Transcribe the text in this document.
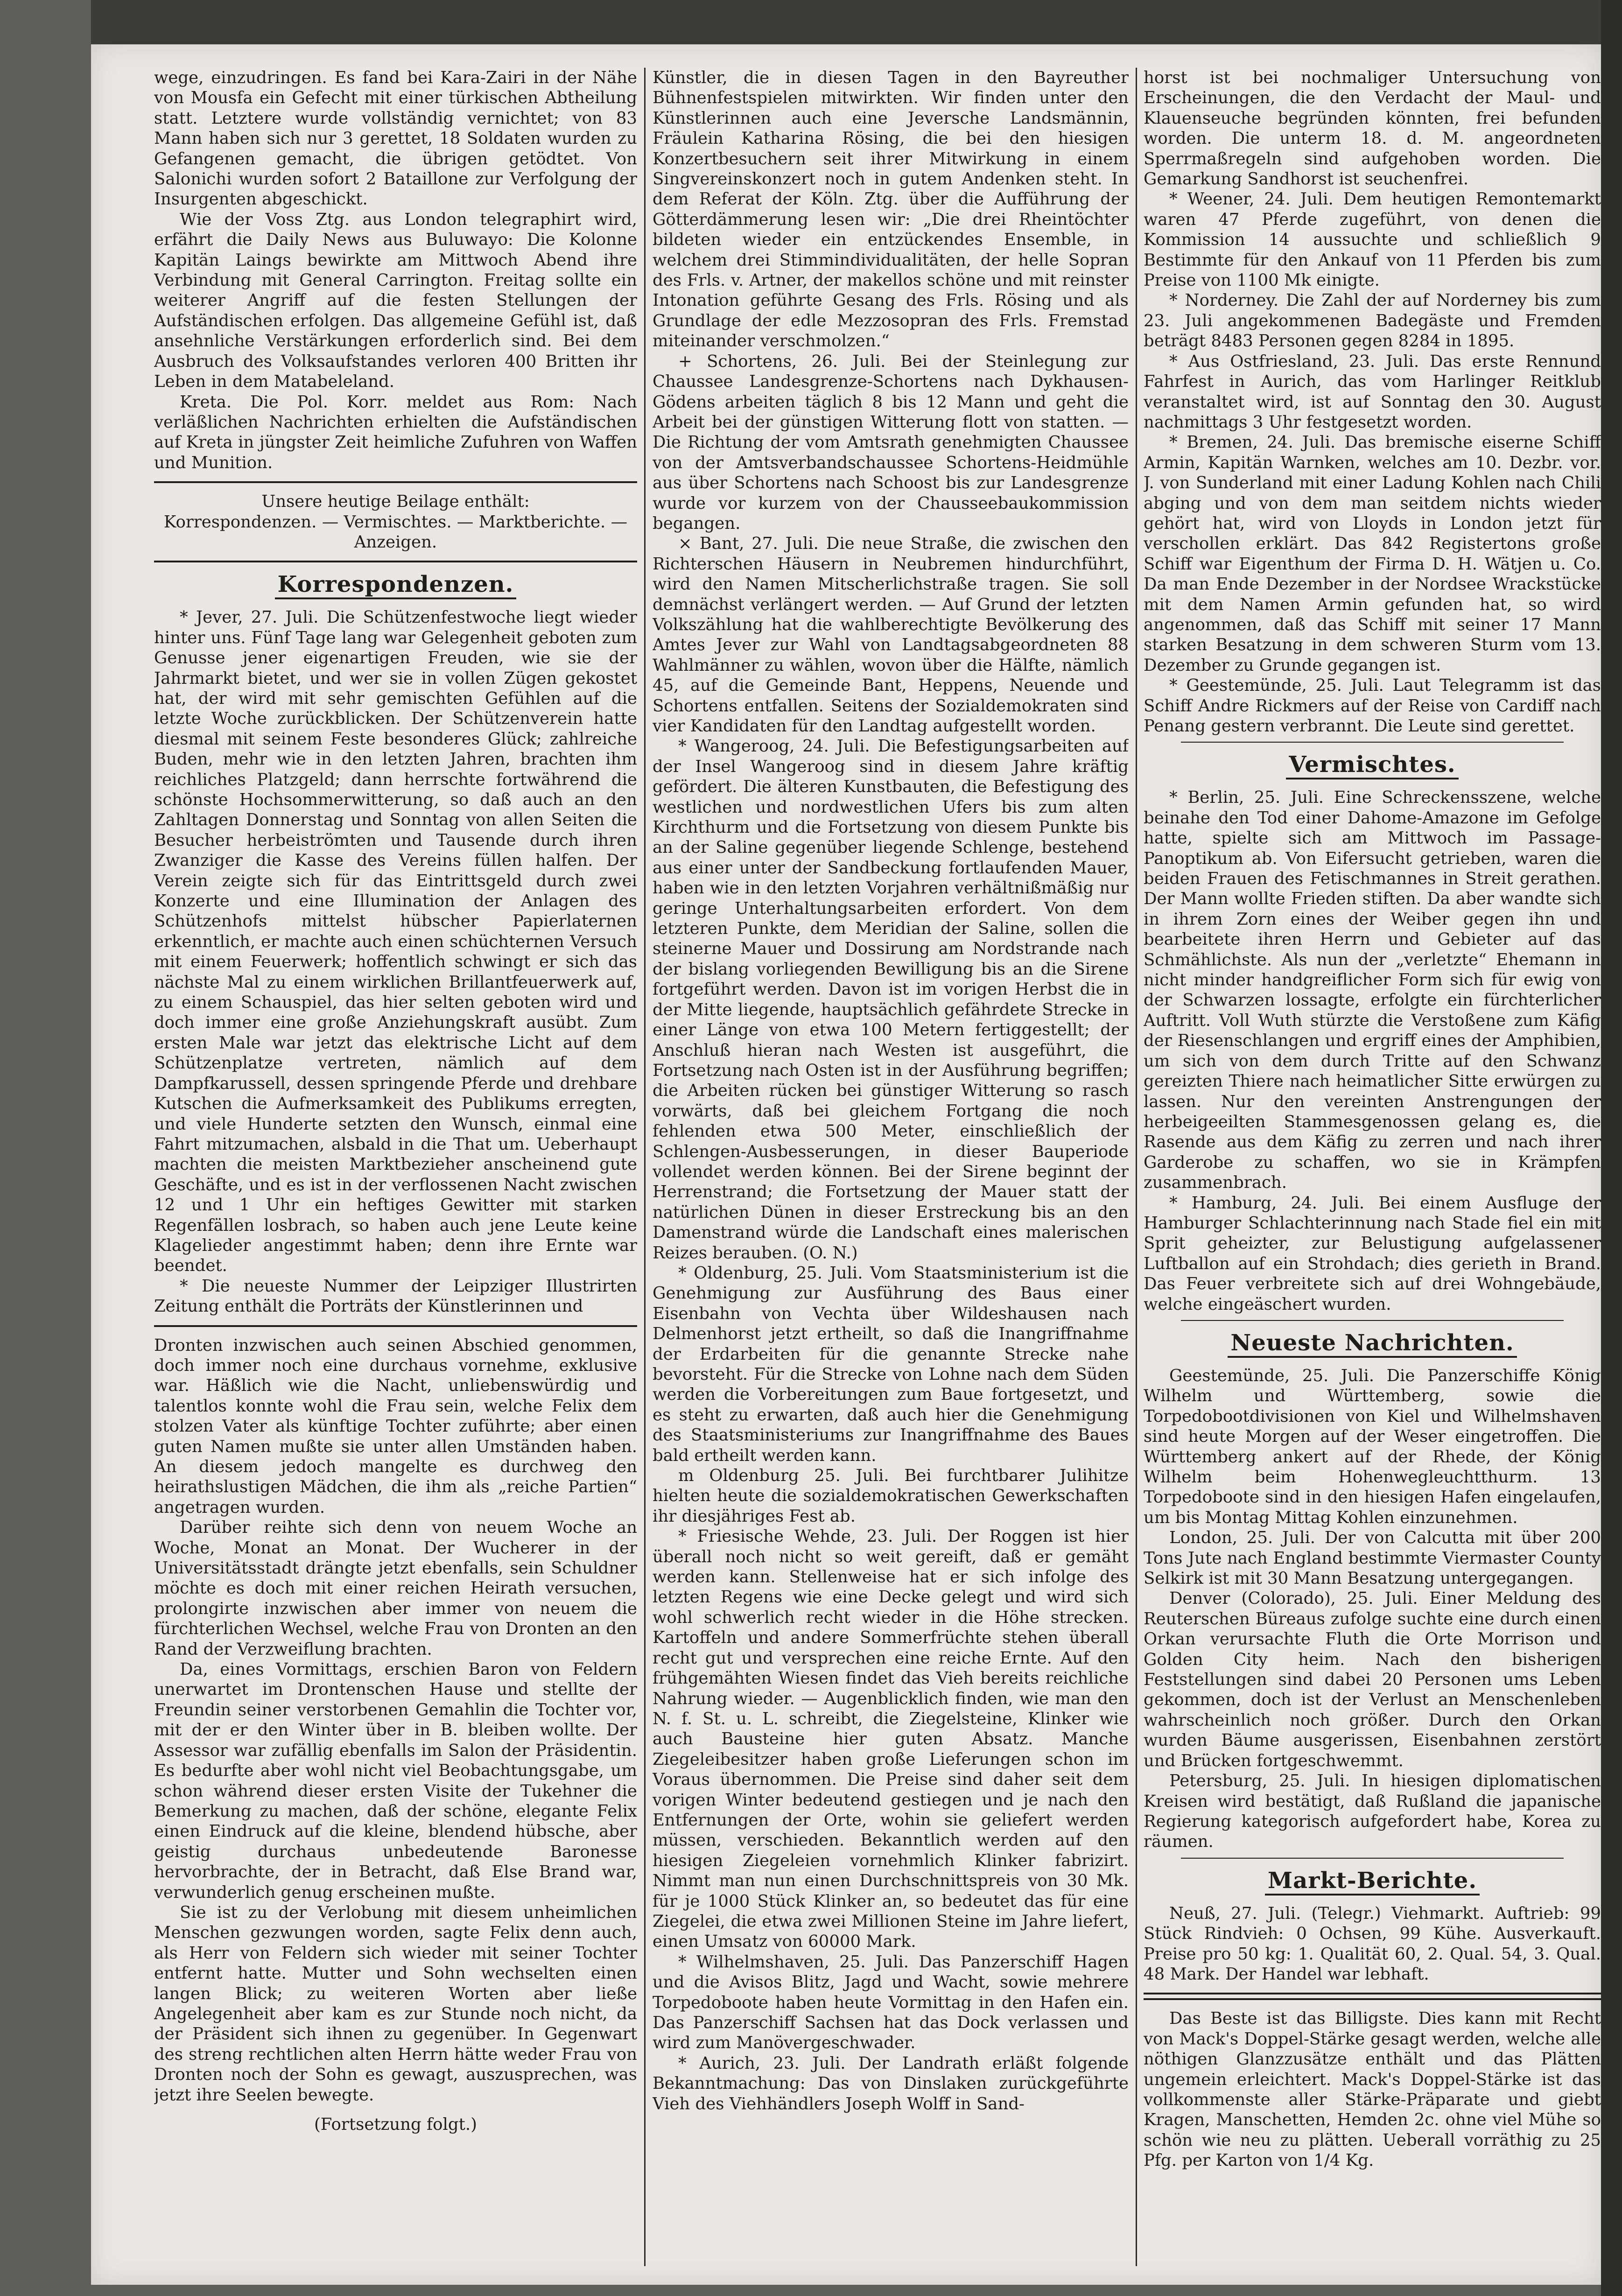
wege, einzudringen. Es fand bei Kara-Zairi in der Nähe von Mousfa ein Gefecht mit einer türkischen Abtheilung statt. Letztere wurde vollständig vernichtet; von 83 Mann haben sich nur 3 gerettet, 18 Soldaten wurden zu Gefangenen gemacht, die übrigen getödtet. Von Salonichi wurden sofort 2 Bataillone zur Verfolgung der Insurgenten abgeschickt.

Wie der Voss Ztg. aus London telegraphirt wird, erfährt die Daily News aus Buluwayo: Die Kolonne Kapitän Laings bewirkte am Mittwoch Abend ihre Verbindung mit General Carrington. Freitag sollte ein weiterer Angriff auf die festen Stellungen der Aufständischen erfolgen. Das allgemeine Gefühl ist, daß ansehnliche Verstärkungen erforderlich sind. Bei dem Ausbruch des Volksaufstandes verloren 400 Britten ihr Leben in dem Matabeleland.

Kreta. Die Pol. Korr. meldet aus Rom: Nach verläßlichen Nachrichten erhielten die Aufständischen auf Kreta in jüngster Zeit heimliche Zufuhren von Waffen und Munition.

Unsere heutige Beilage enthält:

Korrespondenzen. — Vermischtes. — Marktberichte. — Anzeigen.

Korrespondenzen.

* Jever, 27. Juli. Die Schützenfestwoche liegt wieder hinter uns. Fünf Tage lang war Gelegenheit geboten zum Genusse jener eigenartigen Freuden, wie sie der Jahrmarkt bietet, und wer sie in vollen Zügen gekostet hat, der wird mit sehr gemischten Gefühlen auf die letzte Woche zurückblicken. Der Schützenverein hatte diesmal mit seinem Feste besonderes Glück; zahlreiche Buden, mehr wie in den letzten Jahren, brachten ihm reichliches Platzgeld; dann herrschte fortwährend die schönste Hochsommerwitterung, so daß auch an den Zahltagen Donnerstag und Sonntag von allen Seiten die Besucher herbeiströmten und Tausende durch ihren Zwanziger die Kasse des Vereins füllen halfen. Der Verein zeigte sich für das Eintrittsgeld durch zwei Konzerte und eine Illumination der Anlagen des Schützenhofs mittelst hübscher Papierlaternen erkenntlich, er machte auch einen schüchternen Versuch mit einem Feuerwerk; hoffentlich schwingt er sich das nächste Mal zu einem wirklichen Brillantfeuerwerk auf, zu einem Schauspiel, das hier selten geboten wird und doch immer eine große Anziehungskraft ausübt. Zum ersten Male war jetzt das elektrische Licht auf dem Schützenplatze vertreten, nämlich auf dem Dampfkarussell, dessen springende Pferde und drehbare Kutschen die Aufmerksamkeit des Publikums erregten, und viele Hunderte setzten den Wunsch, einmal eine Fahrt mitzumachen, alsbald in die That um. Ueberhaupt machten die meisten Marktbezieher anscheinend gute Geschäfte, und es ist in der verflossenen Nacht zwischen 12 und 1 Uhr ein heftiges Gewitter mit starken Regenfällen losbrach, so haben auch jene Leute keine Klagelieder angestimmt haben; denn ihre Ernte war beendet.

* Die neueste Nummer der Leipziger Illustrirten Zeitung enthält die Porträts der Künstlerinnen und

Dronten inzwischen auch seinen Abschied genommen, doch immer noch eine durchaus vornehme, exklusive war. Häßlich wie die Nacht, unliebenswürdig und talentlos konnte wohl die Frau sein, welche Felix dem stolzen Vater als künftige Tochter zuführte; aber einen guten Namen mußte sie unter allen Umständen haben. An diesem jedoch mangelte es durchweg den heirathslustigen Mädchen, die ihm als „reiche Partien“ angetragen wurden.

Darüber reihte sich denn von neuem Woche an Woche, Monat an Monat. Der Wucherer in der Universitätsstadt drängte jetzt ebenfalls, sein Schuldner möchte es doch mit einer reichen Heirath versuchen, prolongirte inzwischen aber immer von neuem die fürchterlichen Wechsel, welche Frau von Dronten an den Rand der Verzweiflung brachten.

Da, eines Vormittags, erschien Baron von Feldern unerwartet im Drontenschen Hause und stellte der Freundin seiner verstorbenen Gemahlin die Tochter vor, mit der er den Winter über in B. bleiben wollte. Der Assessor war zufällig ebenfalls im Salon der Präsidentin. Es bedurfte aber wohl nicht viel Beobachtungsgabe, um schon während dieser ersten Visite der Tukehner die Bemerkung zu machen, daß der schöne, elegante Felix einen Eindruck auf die kleine, blendend hübsche, aber geistig durchaus unbedeutende Baronesse hervorbrachte, der in Betracht, daß Else Brand war, verwunderlich genug erscheinen mußte.

Sie ist zu der Verlobung mit diesem unheimlichen Menschen gezwungen worden, sagte Felix denn auch, als Herr von Feldern sich wieder mit seiner Tochter entfernt hatte. Mutter und Sohn wechselten einen langen Blick; zu weiteren Worten aber ließe Angelegenheit aber kam es zur Stunde noch nicht, da der Präsident sich ihnen zu gegenüber. In Gegenwart des streng rechtlichen alten Herrn hätte weder Frau von Dronten noch der Sohn es gewagt, auszusprechen, was jetzt ihre Seelen bewegte.

(Fortsetzung folgt.)

Künstler, die in diesen Tagen in den Bayreuther Bühnenfestspielen mitwirkten. Wir finden unter den Künstlerinnen auch eine Jeversche Landsmännin, Fräulein Katharina Rösing, die bei den hiesigen Konzertbesuchern seit ihrer Mitwirkung in einem Singvereinskonzert noch in gutem Andenken steht. In dem Referat der Köln. Ztg. über die Aufführung der Götterdämmerung lesen wir: „Die drei Rheintöchter bildeten wieder ein entzückendes Ensemble, in welchem drei Stimmindividualitäten, der helle Sopran des Frls. v. Artner, der makellos schöne und mit reinster Intonation geführte Gesang des Frls. Rösing und als Grundlage der edle Mezzosopran des Frls. Fremstad miteinander verschmolzen.“

+ Schortens, 26. Juli. Bei der Steinlegung zur Chaussee Landesgrenze-Schortens nach Dykhausen-Gödens arbeiten täglich 8 bis 12 Mann und geht die Arbeit bei der günstigen Witterung flott von statten. — Die Richtung der vom Amtsrath genehmigten Chaussee von der Amtsverbandschaussee Schortens-Heidmühle aus über Schortens nach Schoost bis zur Landesgrenze wurde vor kurzem von der Chausseebaukommission begangen.

× Bant, 27. Juli. Die neue Straße, die zwischen den Richterschen Häusern in Neubremen hindurchführt, wird den Namen Mitscherlichstraße tragen. Sie soll demnächst verlängert werden. — Auf Grund der letzten Volkszählung hat die wahlberechtigte Bevölkerung des Amtes Jever zur Wahl von Landtagsabgeordneten 88 Wahlmänner zu wählen, wovon über die Hälfte, nämlich 45, auf die Gemeinde Bant, Heppens, Neuende und Schortens entfallen. Seitens der Sozialdemokraten sind vier Kandidaten für den Landtag aufgestellt worden.

* Wangeroog, 24. Juli. Die Befestigungsarbeiten auf der Insel Wangeroog sind in diesem Jahre kräftig gefördert. Die älteren Kunstbauten, die Befestigung des westlichen und nordwestlichen Ufers bis zum alten Kirchthurm und die Fortsetzung von diesem Punkte bis an der Saline gegenüber liegende Schlenge, bestehend aus einer unter der Sandbeckung fortlaufenden Mauer, haben wie in den letzten Vorjahren verhältnißmäßig nur geringe Unterhaltungsarbeiten erfordert. Von dem letzteren Punkte, dem Meridian der Saline, sollen die steinerne Mauer und Dossirung am Nordstrande nach der bislang vorliegenden Bewilligung bis an die Sirene fortgeführt werden. Davon ist im vorigen Herbst die in der Mitte liegende, hauptsächlich gefährdete Strecke in einer Länge von etwa 100 Metern fertiggestellt; der Anschluß hieran nach Westen ist ausgeführt, die Fortsetzung nach Osten ist in der Ausführung begriffen; die Arbeiten rücken bei günstiger Witterung so rasch vorwärts, daß bei gleichem Fortgang die noch fehlenden etwa 500 Meter, einschließlich der Schlengen-Ausbesserungen, in dieser Bauperiode vollendet werden können. Bei der Sirene beginnt der Herrenstrand; die Fortsetzung der Mauer statt der natürlichen Dünen in dieser Erstreckung bis an den Damenstrand würde die Landschaft eines malerischen Reizes berauben. (O. N.)

* Oldenburg, 25. Juli. Vom Staatsministerium ist die Genehmigung zur Ausführung des Baus einer Eisenbahn von Vechta über Wildeshausen nach Delmenhorst jetzt ertheilt, so daß die Inangriffnahme der Erdarbeiten für die genannte Strecke nahe bevorsteht. Für die Strecke von Lohne nach dem Süden werden die Vorbereitungen zum Baue fortgesetzt, und es steht zu erwarten, daß auch hier die Genehmigung des Staatsministeriums zur Inangriffnahme des Baues bald ertheilt werden kann.

m Oldenburg 25. Juli. Bei furchtbarer Julihitze hielten heute die sozialdemokratischen Gewerkschaften ihr diesjähriges Fest ab.

* Friesische Wehde, 23. Juli. Der Roggen ist hier überall noch nicht so weit gereift, daß er gemäht werden kann. Stellenweise hat er sich infolge des letzten Regens wie eine Decke gelegt und wird sich wohl schwerlich recht wieder in die Höhe strecken. Kartoffeln und andere Sommerfrüchte stehen überall recht gut und versprechen eine reiche Ernte. Auf den frühgemähten Wiesen findet das Vieh bereits reichliche Nahrung wieder. — Augenblicklich finden, wie man den N. f. St. u. L. schreibt, die Ziegelsteine, Klinker wie auch Bausteine hier guten Absatz. Manche Ziegeleibesitzer haben große Lieferungen schon im Voraus übernommen. Die Preise sind daher seit dem vorigen Winter bedeutend gestiegen und je nach den Entfernungen der Orte, wohin sie geliefert werden müssen, verschieden. Bekanntlich werden auf den hiesigen Ziegeleien vornehmlich Klinker fabrizirt. Nimmt man nun einen Durchschnittspreis von 30 Mk. für je 1000 Stück Klinker an, so bedeutet das für eine Ziegelei, die etwa zwei Millionen Steine im Jahre liefert, einen Umsatz von 60000 Mark.

* Wilhelmshaven, 25. Juli. Das Panzerschiff Hagen und die Avisos Blitz, Jagd und Wacht, sowie mehrere Torpedoboote haben heute Vormittag in den Hafen ein. Das Panzerschiff Sachsen hat das Dock verlassen und wird zum Manövergeschwader.

* Aurich, 23. Juli. Der Landrath erläßt folgende Bekanntmachung: Das von Dinslaken zurückgeführte Vieh des Viehhändlers Joseph Wolff in Sand-

horst ist bei nochmaliger Untersuchung von Erscheinungen, die den Verdacht der Maul- und Klauenseuche begründen könnten, frei befunden worden. Die unterm 18. d. M. angeordneten Sperrmaßregeln sind aufgehoben worden. Die Gemarkung Sandhorst ist seuchenfrei.

* Weener, 24. Juli. Dem heutigen Remontemarkt waren 47 Pferde zugeführt, von denen die Kommission 14 aussuchte und schließlich 9 Bestimmte für den Ankauf von 11 Pferden bis zum Preise von 1100 Mk einigte.

* Norderney. Die Zahl der auf Norderney bis zum 23. Juli angekommenen Badegäste und Fremden beträgt 8483 Personen gegen 8284 in 1895.

* Aus Ostfriesland, 23. Juli. Das erste Rennund Fahrfest in Aurich, das vom Harlinger Reitklub veranstaltet wird, ist auf Sonntag den 30. August nachmittags 3 Uhr festgesetzt worden.

* Bremen, 24. Juli. Das bremische eiserne Schiff Armin, Kapitän Warnken, welches am 10. Dezbr. vor. J. von Sunderland mit einer Ladung Kohlen nach Chili abging und von dem man seitdem nichts wieder gehört hat, wird von Lloyds in London jetzt für verschollen erklärt. Das 842 Registertons große Schiff war Eigenthum der Firma D. H. Wätjen u. Co. Da man Ende Dezember in der Nordsee Wrackstücke mit dem Namen Armin gefunden hat, so wird angenommen, daß das Schiff mit seiner 17 Mann starken Besatzung in dem schweren Sturm vom 13. Dezember zu Grunde gegangen ist.

* Geestemünde, 25. Juli. Laut Telegramm ist das Schiff Andre Rickmers auf der Reise von Cardiff nach Penang gestern verbrannt. Die Leute sind gerettet.

Vermischtes.

* Berlin, 25. Juli. Eine Schreckensszene, welche beinahe den Tod einer Dahome-Amazone im Gefolge hatte, spielte sich am Mittwoch im Passage-Panoptikum ab. Von Eifersucht getrieben, waren die beiden Frauen des Fetischmannes in Streit gerathen. Der Mann wollte Frieden stiften. Da aber wandte sich in ihrem Zorn eines der Weiber gegen ihn und bearbeitete ihren Herrn und Gebieter auf das Schmählichste. Als nun der „verletzte“ Ehemann in nicht minder handgreiflicher Form sich für ewig von der Schwarzen lossagte, erfolgte ein fürchterlicher Auftritt. Voll Wuth stürzte die Verstoßene zum Käfig der Riesenschlangen und ergriff eines der Amphibien, um sich von dem durch Tritte auf den Schwanz gereizten Thiere nach heimatlicher Sitte erwürgen zu lassen. Nur den vereinten Anstrengungen der herbeigeeilten Stammesgenossen gelang es, die Rasende aus dem Käfig zu zerren und nach ihrer Garderobe zu schaffen, wo sie in Krämpfen zusammenbrach.

* Hamburg, 24. Juli. Bei einem Ausfluge der Hamburger Schlachterinnung nach Stade fiel ein mit Sprit geheizter, zur Belustigung aufgelassener Luftballon auf ein Strohdach; dies gerieth in Brand. Das Feuer verbreitete sich auf drei Wohngebäude, welche eingeäschert wurden.

Neueste Nachrichten.

Geestemünde, 25. Juli. Die Panzerschiffe König Wilhelm und Württemberg, sowie die Torpedobootdivisionen von Kiel und Wilhelmshaven sind heute Morgen auf der Weser eingetroffen. Die Württemberg ankert auf der Rhede, der König Wilhelm beim Hohenwegleuchtthurm. 13 Torpedoboote sind in den hiesigen Hafen eingelaufen, um bis Montag Mittag Kohlen einzunehmen.

London, 25. Juli. Der von Calcutta mit über 200 Tons Jute nach England bestimmte Viermaster County Selkirk ist mit 30 Mann Besatzung untergegangen.

Denver (Colorado), 25. Juli. Einer Meldung des Reuterschen Büreaus zufolge suchte eine durch einen Orkan verursachte Fluth die Orte Morrison und Golden City heim. Nach den bisherigen Feststellungen sind dabei 20 Personen ums Leben gekommen, doch ist der Verlust an Menschenleben wahrscheinlich noch größer. Durch den Orkan wurden Bäume ausgerissen, Eisenbahnen zerstört und Brücken fortgeschwemmt.

Petersburg, 25. Juli. In hiesigen diplomatischen Kreisen wird bestätigt, daß Rußland die japanische Regierung kategorisch aufgefordert habe, Korea zu räumen.

Markt-Berichte.

Neuß, 27. Juli. (Telegr.) Viehmarkt. Auftrieb: 99 Stück Rindvieh: 0 Ochsen, 99 Kühe. Ausverkauft. Preise pro 50 kg: 1. Qualität 60, 2. Qual. 54, 3. Qual. 48 Mark. Der Handel war lebhaft.

Das Beste ist das Billigste. Dies kann mit Recht von Mack's Doppel-Stärke gesagt werden, welche alle nöthigen Glanzzusätze enthält und das Plätten ungemein erleichtert. Mack's Doppel-Stärke ist das vollkommenste aller Stärke-Präparate und giebt Kragen, Manschetten, Hemden 2c. ohne viel Mühe so schön wie neu zu plätten. Ueberall vorräthig zu 25 Pfg. per Karton von 1/4 Kg.
